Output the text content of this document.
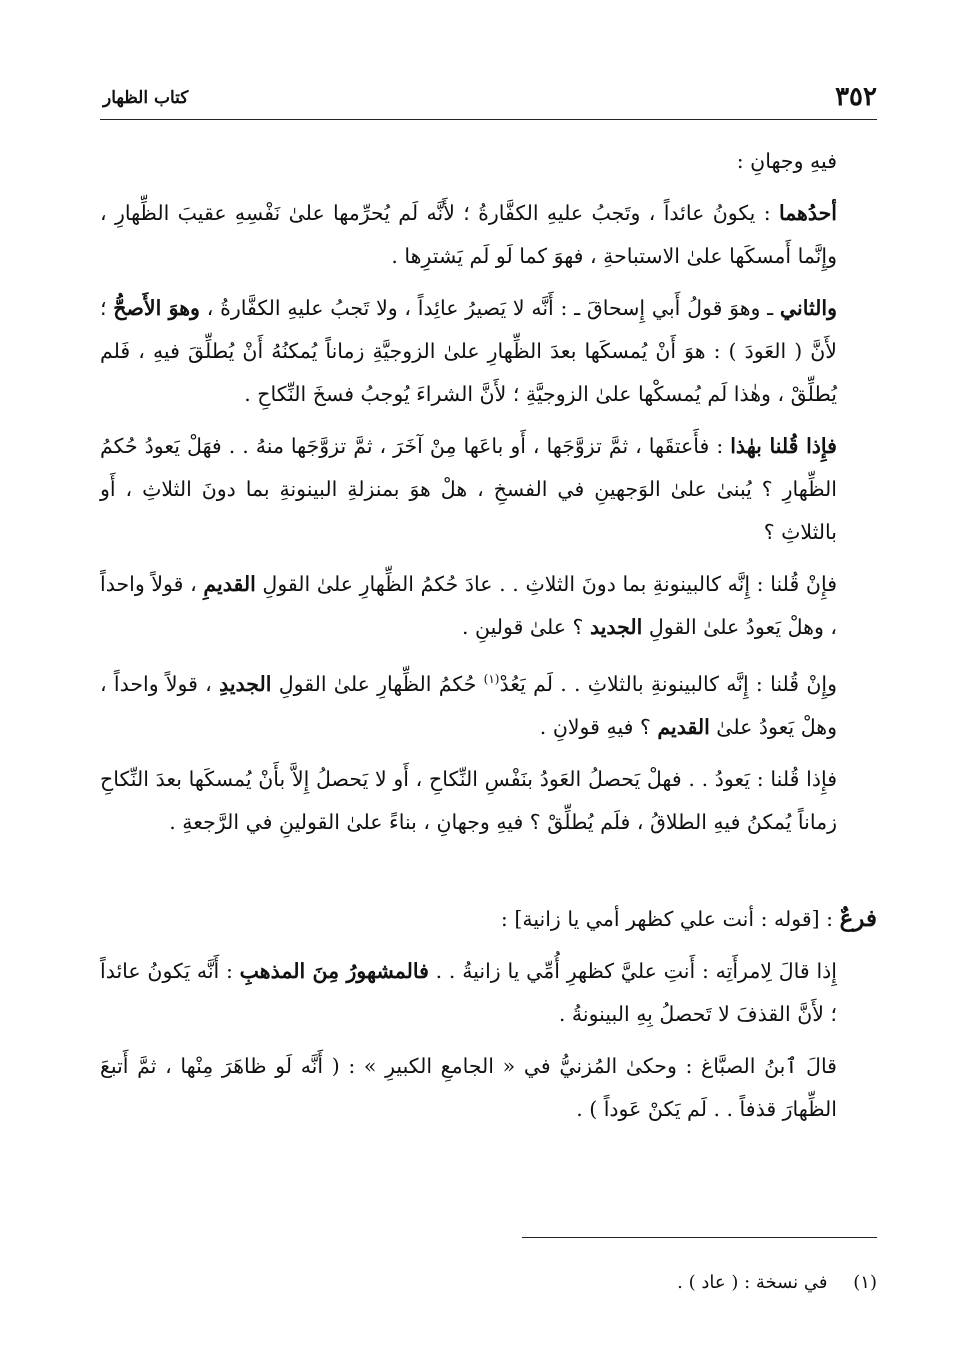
٣٥٢
كتاب الظهار

فيهِ وجهانِ :

أحدُهما : يكونُ عائداً ، وتَجبُ عليهِ الكفَّارةُ ؛ لأَنَّه لَم يُحرِّمها علىٰ نَفْسِهِ عقيبَ الظِّهارِ ، وإِنَّما أَمسكَها علىٰ الاستباحةِ ، فهوَ كما لَو لَم يَشترِها .

والثاني ـ وهوَ قولُ أَبي إِسحاقَ ـ : أَنَّه لا يَصيرُ عائِداً ، ولا تَجبُ عليهِ الكفَّارةُ ، وهوَ الأَصحُّ ؛ لأَنَّ ( العَودَ ) : هوَ أَنْ يُمسكَها بعدَ الظِّهارِ علىٰ الزوجيَّةِ زماناً يُمكنُهُ أَنْ يُطلِّقَ فيهِ ، فَلم يُطلِّقْ ، وهٰذا لَم يُمسكْها علىٰ الزوجيَّةِ ؛ لأَنَّ الشراءَ يُوجبُ فسخَ النِّكاحِ .

فإِذا قُلنا بهٰذا : فأَعتقَها ، ثمَّ تزوَّجَها ، أَو باعَها مِنْ آخَرَ ، ثمَّ تزوَّجَها منهُ . . فهَلْ يَعودُ حُكمُ الظِّهارِ ؟ يُبنىٰ علىٰ الوَجهينِ في الفسخِ ، هلْ هوَ بمنزلةِ البينونةِ بما دونَ الثلاثِ ، أَو بالثلاثِ ؟

فإِنْ قُلنا : إِنَّه كالبينونةِ بما دونَ الثلاثِ . . عادَ حُكمُ الظِّهارِ علىٰ القولِ القديمِ ، قولاً واحداً ، وهلْ يَعودُ علىٰ القولِ الجديد ؟ علىٰ قولينِ .

وإِنْ قُلنا : إِنَّه كالبينونةِ بالثلاثِ . . لَم يَعُدْ$^{(١)}$ حُكمُ الظِّهارِ علىٰ القولِ الجديدِ ، قولاً واحداً ، وهلْ يَعودُ علىٰ القديم ؟ فيهِ قولانِ .

فإِذا قُلنا : يَعودُ . . فهلْ يَحصلُ العَودُ بنَفْسِ النِّكاحِ ، أَو لا يَحصلُ إِلاَّ بأَنْ يُمسكَها بعدَ النِّكاحِ زماناً يُمكنُ فيهِ الطلاقُ ، فلَم يُطلِّقْ ؟ فيهِ وجهانِ ، بناءً علىٰ القولينِ في الرَّجعةِ .

فرعٌ : [قوله : أنت علي كظهر أمي يا زانية] :

إِذا قالَ لِامرأَتِه : أَنتِ عليَّ كظهرِ أُمِّي يا زانيةُ . . فالمشهورُ مِنَ المذهبِ : أَنَّه يَكونُ عائداً ؛ لأَنَّ القذفَ لا تَحصلُ بِهِ البينونةُ .

قالَ ٱبنُ الصبَّاغ : وحكىٰ المُزنيُّ في « الجامعِ الكبيرِ » : ( أَنَّه لَو ظاهَرَ مِنْها ، ثمَّ أَتبعَ الظِّهارَ قذفاً . . لَم يَكنْ عَوداً ) .

(١) في نسخة : ( عاد ) .
